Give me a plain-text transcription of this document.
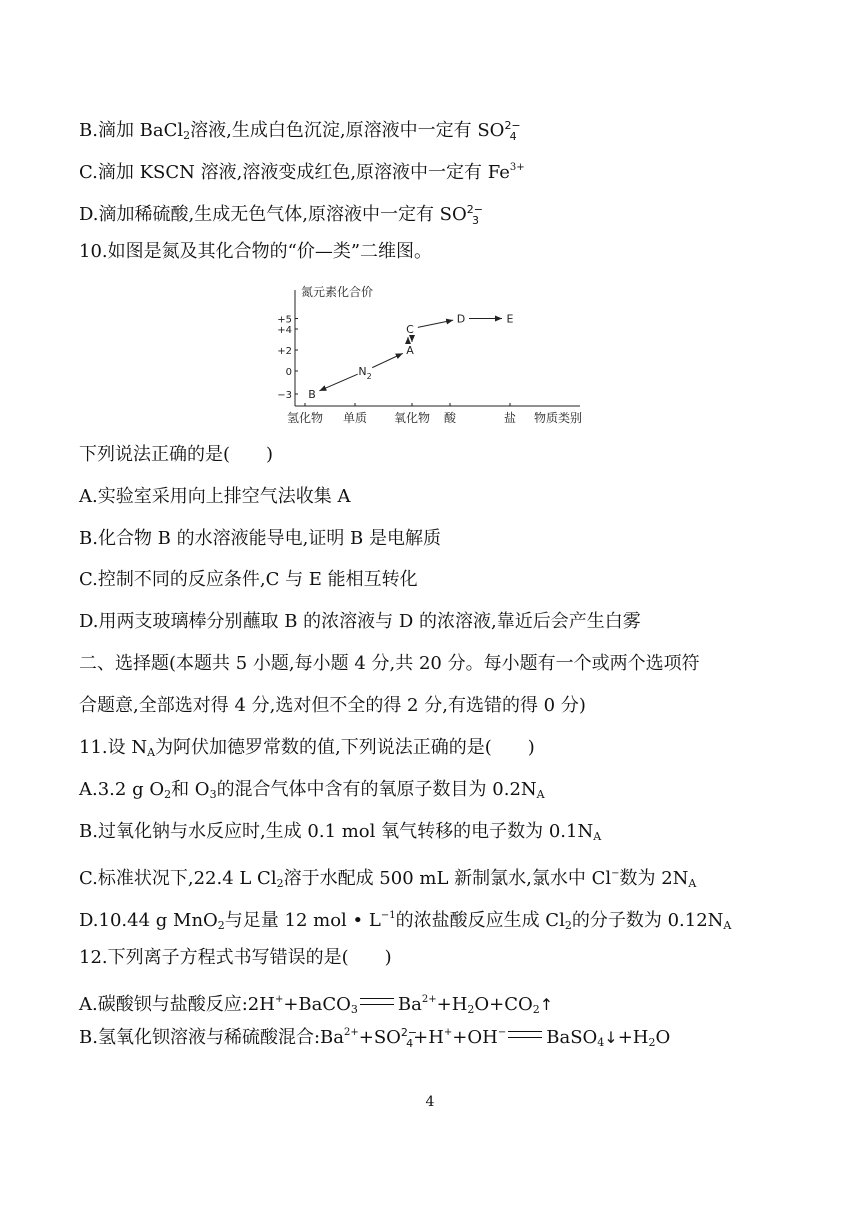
B.滴加 BaCl$_2$溶液,生成白色沉淀,原溶液中一定有 $SO^{2-}_4$
C.滴加 KSCN 溶液,溶液变成红色,原溶液中一定有 $Fe^{3+}$
D.滴加稀硫酸,生成无色气体,原溶液中一定有 $SO^{2-}_3$
10.如图是氮及其化合物的“价—类”二维图。
氮元素化合价
+5
+4
+2
0
−3
氢化物 单质 氧化物 酸	盐 物质类别
B
$N_2$
A
C
D	E
下列说法正确的是(　　)
A.实验室采用向上排空气法收集 A
B.化合物 B 的水溶液能导电,证明 B 是电解质
C.控制不同的反应条件,C 与 E 能相互转化
D.用两支玻璃棒分别蘸取 B 的浓溶液与 D 的浓溶液,靠近后会产生白雾
二、选择题(本题共 5 小题,每小题 4 分,共 20 分。每小题有一个或两个选项符
合题意,全部选对得 4 分,选对但不全的得 2 分,有选错的得 0 分)
11.设 $N_A$为阿伏加德罗常数的值,下列说法正确的是(　　)
A.3.2 g $O_2$和 $O_3$的混合气体中含有的氧原子数目为 $0.2N_A$
B.过氧化钠与水反应时,生成 0.1 mol 氧气转移的电子数为 $0.1N_A$
C.标准状况下,22.4 L $Cl_2$溶于水配成 500 mL 新制氯水,氯水中 Cl−数为 $2N_A$
D.10.44 g MnO$_2$与足量 12 mol • $L^{-1}$的浓盐酸反应生成 $Cl_2$的分子数为 $0.12N_A$
12.下列离子方程式书写错误的是(　　)
A.碳酸钡与盐酸反应:2H++BaCO$_3$ $Ba^{2+}+H_2O+CO_2↑$
B.氢氧化钡溶液与稀硫酸混合$:Ba^{2+}+SO^{2-}_4+H^++OH^-$ $BaSO_4↓+H_2O$
4
